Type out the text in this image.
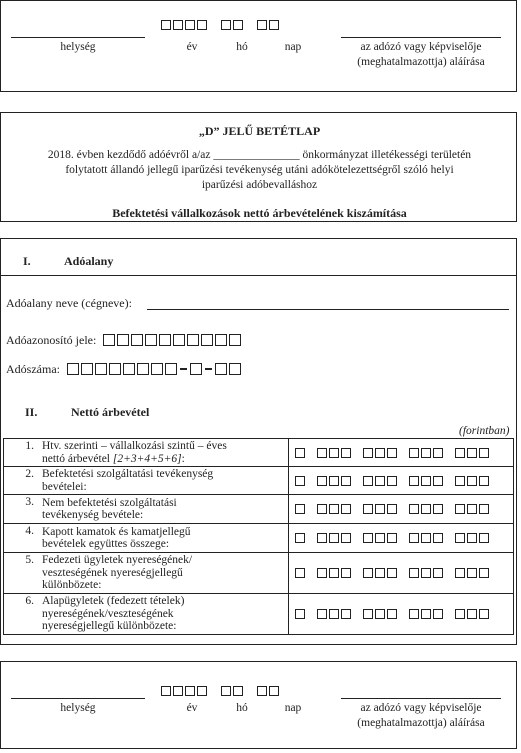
helység	év	hó	nap	az adózó vagy képviselője
(meghatalmazottja) aláírása
„D” JELŰ BETÉTLAP
2018. évben kezdődő adóévről a/az _______________ önkormányzat illetékességi területén
folytatott állandó jellegű iparűzési tevékenység utáni adókötelezettségről szóló helyi
iparűzési adóbevalláshoz
Befektetési vállalkozások nettó árbevételének kiszámítása
I.	Adóalany
Adóalany neve (cégneve):
Adóazonosító jele:
Adószáma:
II.	Nettó árbevétel
(forintban)
1.	Htv. szerinti – vállalkozási szintű – éves
nettó árbevétel [2+3+4+5+6]:	
2.	Befektetési szolgáltatási tevékenység
bevételei:	
3.	Nem befektetési szolgáltatási
tevékenység bevétele:	
4.	Kapott kamatok és kamatjellegű
bevételek együttes összege:	
5.	Fedezeti ügyletek nyereségének/
veszteségének nyereségjellegű
különbözete:	
6.	Alapügyletek (fedezett tételek)
nyereségének/veszteségének
nyereségjellegű különbözete:	
helység	év	hó	nap	az adózó vagy képviselője
(meghatalmazottja) aláírása
